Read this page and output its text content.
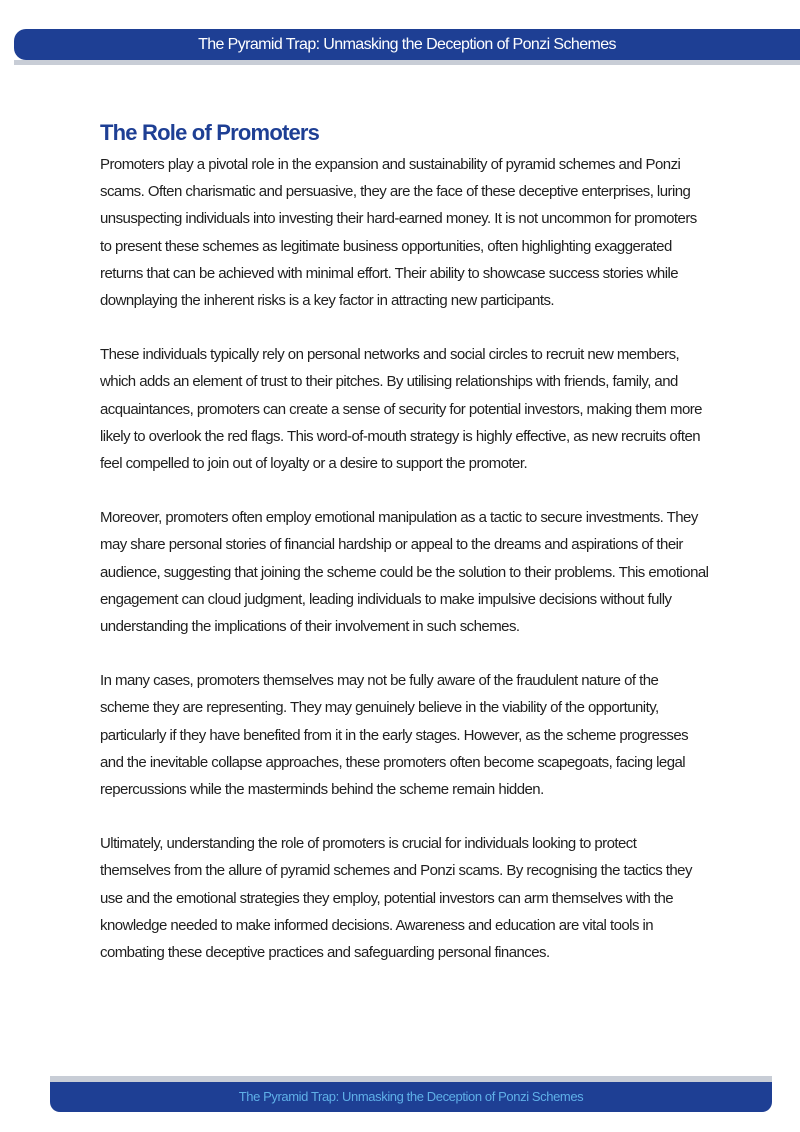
The Pyramid Trap: Unmasking the Deception of Ponzi Schemes
The Role of Promoters

Promoters play a pivotal role in the expansion and sustainability of pyramid schemes and Ponzi scams. Often charismatic and persuasive, they are the face of these deceptive enterprises, luring unsuspecting individuals into investing their hard-earned money. It is not uncommon for promoters to present these schemes as legitimate business opportunities, often highlighting exaggerated returns that can be achieved with minimal effort. Their ability to showcase success stories while downplaying the inherent risks is a key factor in attracting new participants.

These individuals typically rely on personal networks and social circles to recruit new members, which adds an element of trust to their pitches. By utilising relationships with friends, family, and acquaintances, promoters can create a sense of security for potential investors, making them more likely to overlook the red flags. This word-of-mouth strategy is highly effective, as new recruits often feel compelled to join out of loyalty or a desire to support the promoter.

Moreover, promoters often employ emotional manipulation as a tactic to secure investments. They may share personal stories of financial hardship or appeal to the dreams and aspirations of their audience, suggesting that joining the scheme could be the solution to their problems. This emotional engagement can cloud judgment, leading individuals to make impulsive decisions without fully understanding the implications of their involvement in such schemes.

In many cases, promoters themselves may not be fully aware of the fraudulent nature of the scheme they are representing. They may genuinely believe in the viability of the opportunity, particularly if they have benefited from it in the early stages. However, as the scheme progresses and the inevitable collapse approaches, these promoters often become scapegoats, facing legal repercussions while the masterminds behind the scheme remain hidden.

Ultimately, understanding the role of promoters is crucial for individuals looking to protect themselves from the allure of pyramid schemes and Ponzi scams. By recognising the tactics they use and the emotional strategies they employ, potential investors can arm themselves with the knowledge needed to make informed decisions. Awareness and education are vital tools in combating these deceptive practices and safeguarding personal finances.

The Pyramid Trap: Unmasking the Deception of Ponzi Schemes
